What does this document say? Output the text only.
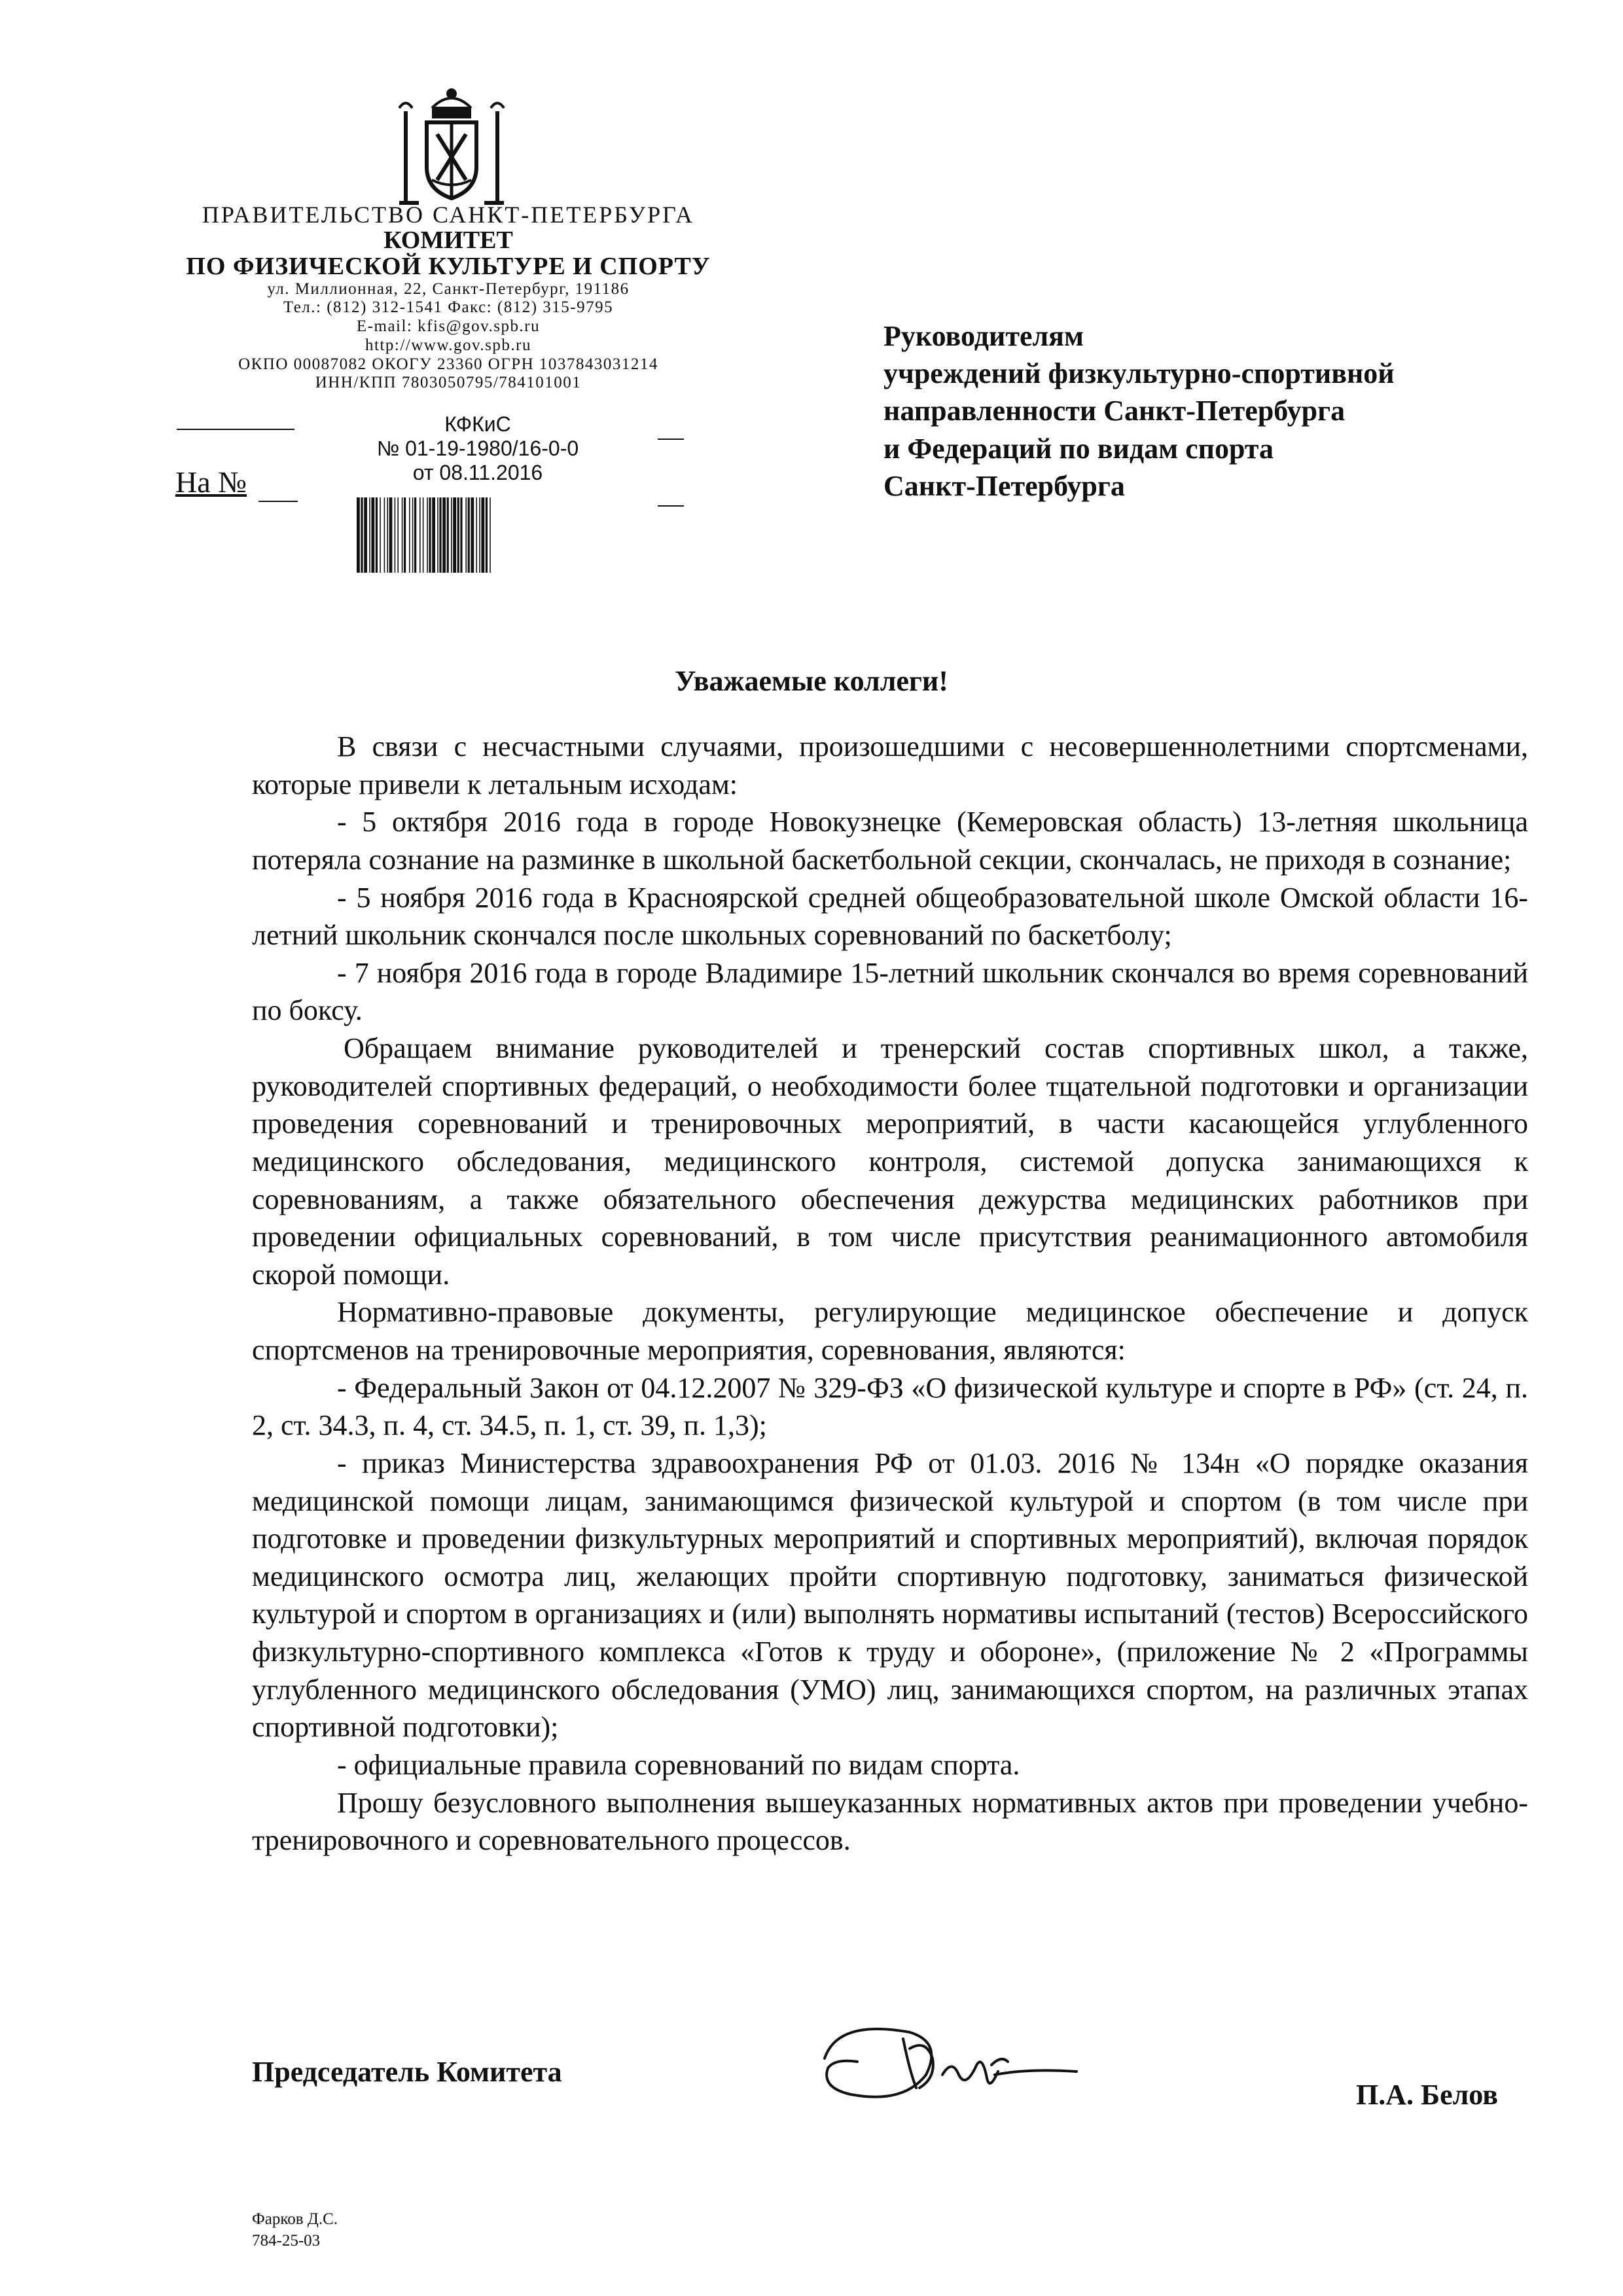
ПРАВИТЕЛЬСТВО САНКТ-ПЕТЕРБУРГА
КОМИТЕТ
ПО ФИЗИЧЕСКОЙ КУЛЬТУРЕ И СПОРТУ
ул. Миллионная, 22, Санкт-Петербург, 191186
Тел.: (812) 312-1541 Факс: (812) 315-9795
E-mail: kfis@gov.spb.ru
http://www.gov.spb.ru
ОКПО 00087082 ОКОГУ 23360 ОГРН 1037843031214
ИНН/КПП 7803050795/784101001
На №
КФКиС
№ 01-19-1980/16-0-0
от 08.11.2016
Руководителям
учреждений физкультурно-спортивной
направленности Санкт-Петербурга
и Федераций по видам спорта
Санкт-Петербурга
Уважаемые коллеги!

В связи с несчастными случаями, произошедшими с несовершеннолетними спортсменами, которые привели к летальным исходам:

- 5 октября 2016 года в городе Новокузнецке (Кемеровская область) 13-летняя школьница потеряла сознание на разминке в школьной баскетбольной секции, скончалась, не приходя в сознание;

- 5 ноября 2016 года в Красноярской средней общеобразовательной школе Омской области 16-летний школьник скончался после школьных соревнований по баскетболу;

- 7 ноября 2016 года в городе Владимире 15-летний школьник скончался во время соревнований по боксу.

Обращаем внимание руководителей и тренерский состав спортивных школ, а также, руководителей спортивных федераций, о необходимости более тщательной подготовки и организации проведения соревнований и тренировочных мероприятий, в части касающейся углубленного медицинского обследования, медицинского контроля, системой допуска занимающихся к соревнованиям, а также обязательного обеспечения дежурства медицинских работников при проведении официальных соревнований, в том числе присутствия реанимационного автомобиля скорой помощи.

Нормативно-правовые документы, регулирующие медицинское обеспечение и допуск спортсменов на тренировочные мероприятия, соревнования, являются:

- Федеральный Закон от 04.12.2007 № 329-ФЗ «О физической культуре и спорте в РФ» (ст. 24, п. 2, ст. 34.3, п. 4, ст. 34.5, п. 1, ст. 39, п. 1,3);

- приказ Министерства здравоохранения РФ от 01.03. 2016 № 134н «О порядке оказания медицинской помощи лицам, занимающимся физической культурой и спортом (в том числе при подготовке и проведении физкультурных мероприятий и спортивных мероприятий), включая порядок медицинского осмотра лиц, желающих пройти спортивную подготовку, заниматься физической культурой и спортом в организациях и (или) выполнять нормативы испытаний (тестов) Всероссийского физкультурно-спортивного комплекса «Готов к труду и обороне», (приложение № 2 «Программы углубленного медицинского обследования (УМО) лиц, занимающихся спортом, на различных этапах спортивной подготовки);

- официальные правила соревнований по видам спорта.

Прошу безусловного выполнения вышеуказанных нормативных актов при проведении учебно-тренировочного и соревновательного процессов.

Председатель Комитета
П.А. Белов
Фарков Д.С.
784-25-03
